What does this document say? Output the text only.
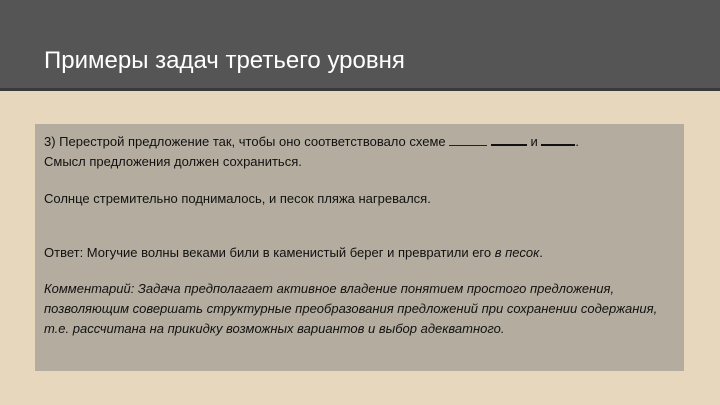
Примеры задач третьего уровня

3) Перестрой предложение так, чтобы оно соответствовало схеме	и	.
Смысл предложения должен сохраниться.

Солнце стремительно поднималось, и песок пляжа нагревался.

Ответ: Могучие волны веками били в каменистый берег и превратили его в песок.

Комментарий: Задача предполагает активное владение понятием простого предложения, позволяющим совершать структурные преобразования предложений при сохранении содержания, т.е. рассчитана на прикидку возможных вариантов и выбор адекватного.
